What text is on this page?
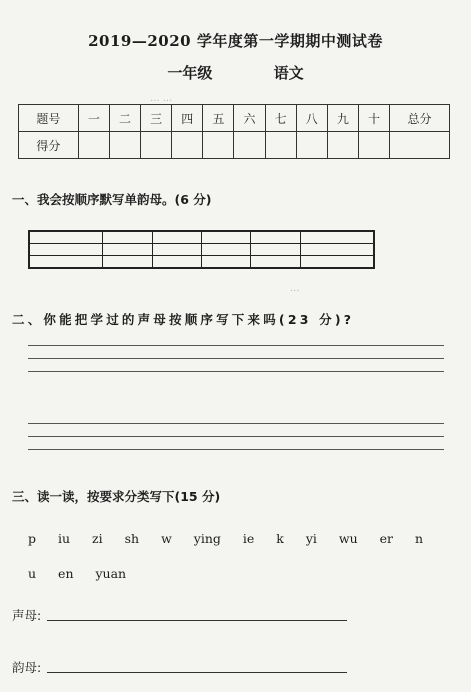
··· ···
···
2019—2020 学年度第一学期期中测试卷
一年级	语文
题号	一	二	三	四	五	六	七	八	九	十	总分
得分											
一、我会按顺序默写单韵母。(6 分)

二、你能把学过的声母按顺序写下来吗(23 分)?
三、读一读，按要求分类写下(15 分)
p iu zi sh w ying ie k yi wu er n
u en yuan
声母:
韵母:
